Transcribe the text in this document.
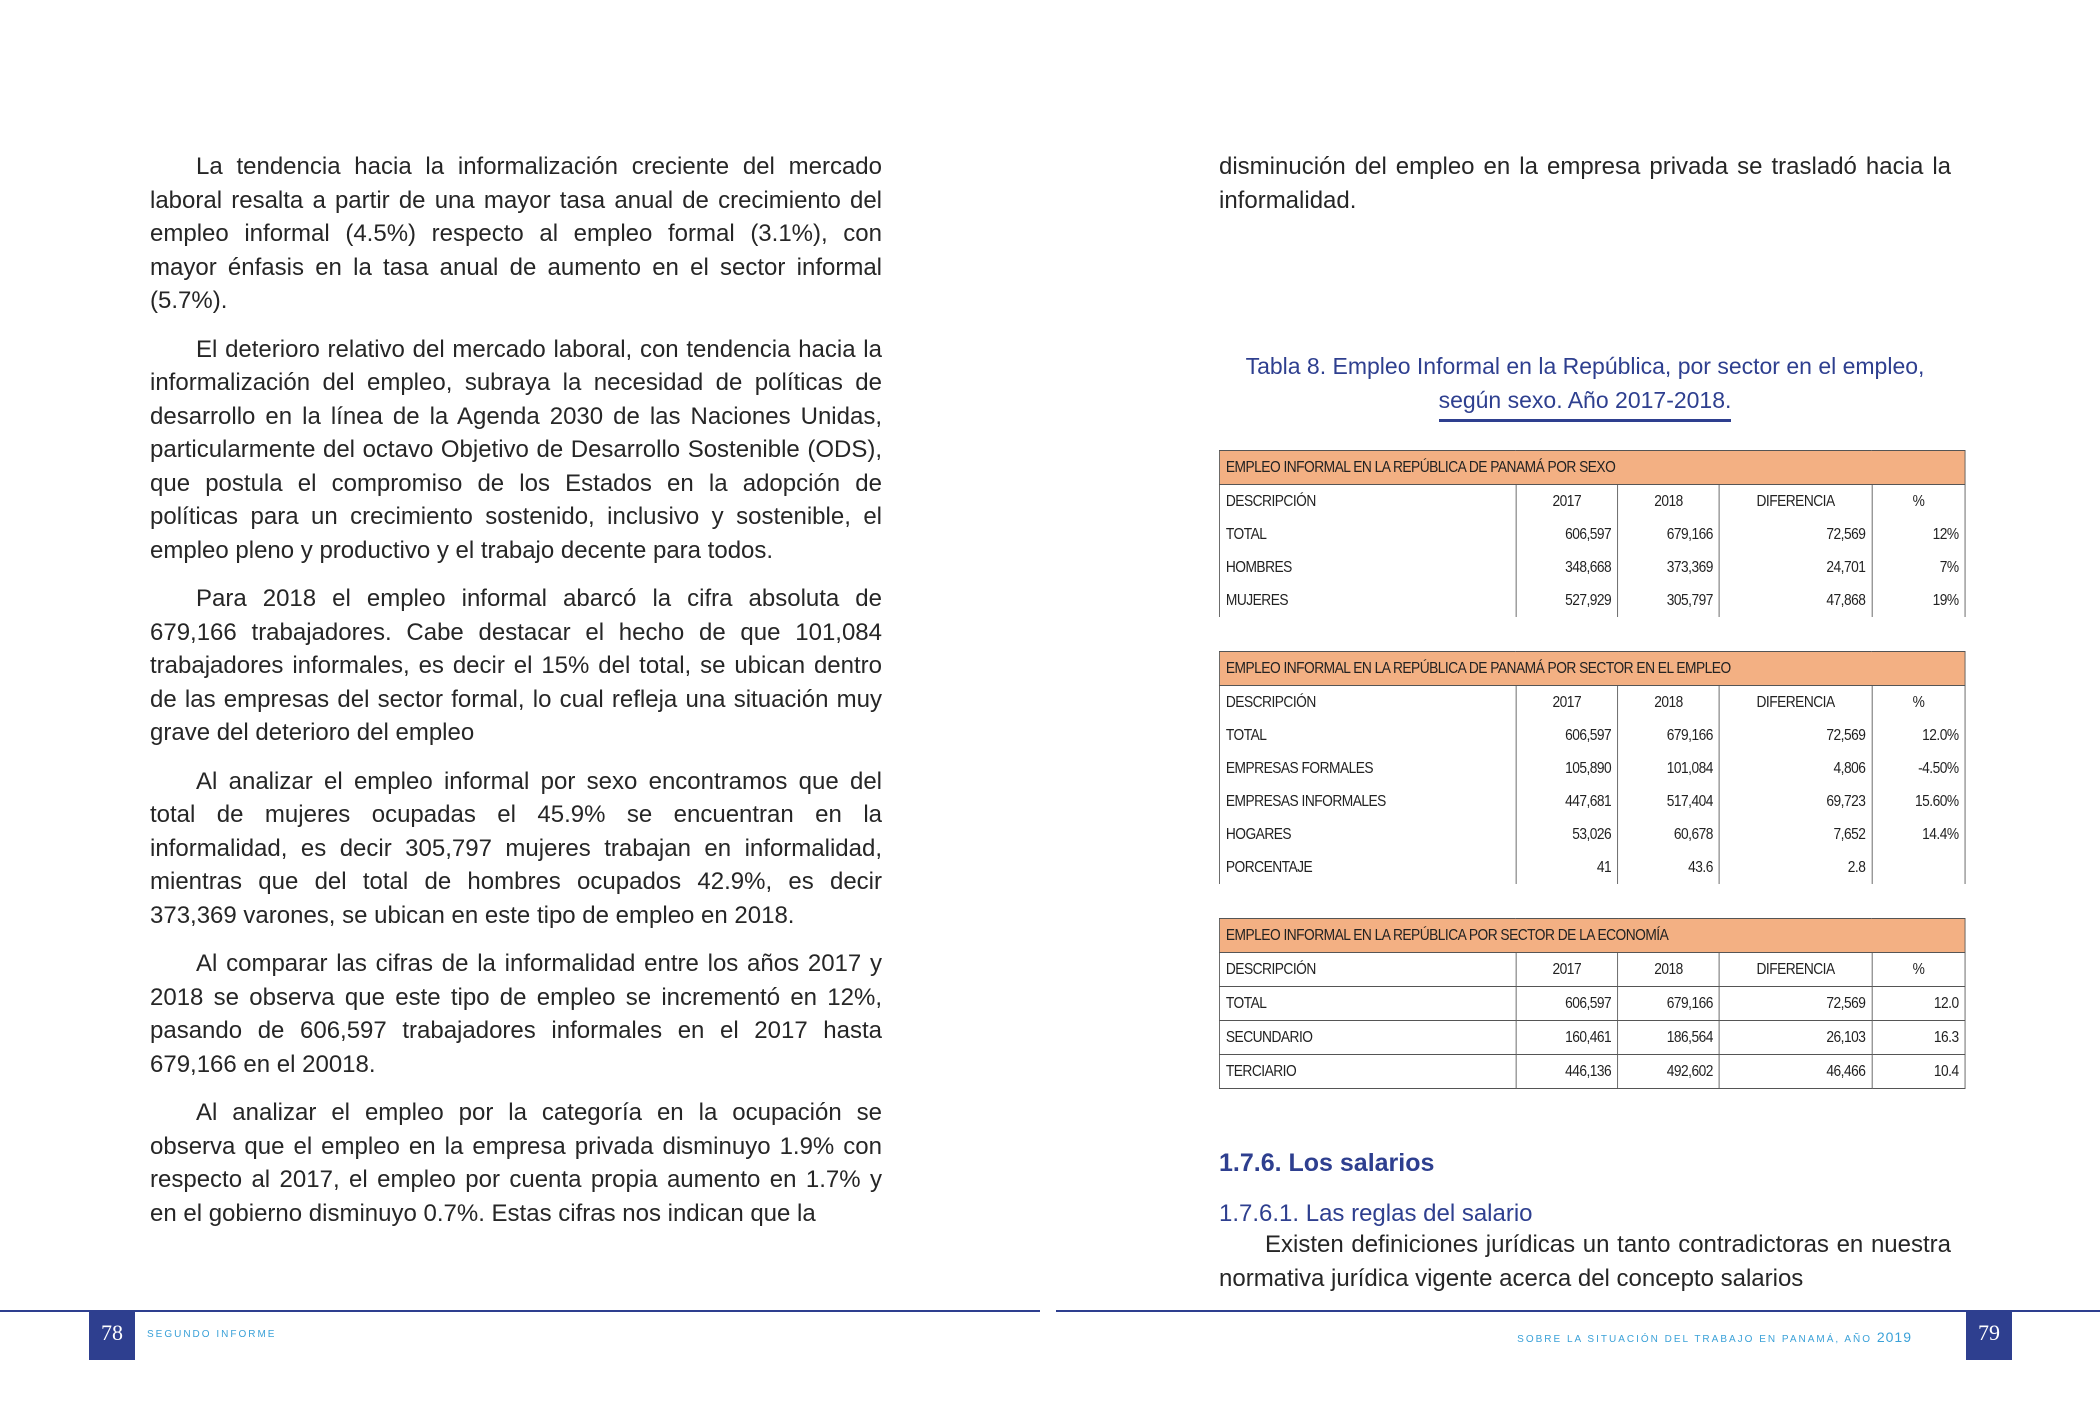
La tendencia hacia la informalización creciente del mercado laboral resalta a partir de una mayor tasa anual de crecimiento del empleo informal (4.5%) respecto al empleo formal (3.1%), con mayor énfasis en la tasa anual de aumento en el sector informal (5.7%).

El deterioro relativo del mercado laboral, con tendencia hacia la informalización del empleo, subraya la necesidad de políticas de desarrollo en la línea de la Agenda 2030 de las Naciones Unidas, particularmente del octavo Objetivo de Desarrollo Sostenible (ODS), que postula el compromiso de los Estados en la adopción de políticas para un crecimiento sostenido, inclusivo y sostenible, el empleo pleno y productivo y el trabajo decente para todos.

Para 2018 el empleo informal abarcó la cifra absoluta de 679,166 trabajadores. Cabe destacar el hecho de que 101,084 trabajadores informales, es decir el 15% del total, se ubican dentro de las empresas del sector formal, lo cual refleja una situación muy grave del deterioro del empleo

Al analizar el empleo informal por sexo encontramos que del total de mujeres ocupadas el 45.9% se encuentran en la informalidad, es decir 305,797 mujeres trabajan en informalidad, mientras que del total de hombres ocupados 42.9%, es decir 373,369 varones, se ubican en este tipo de empleo en 2018.

Al comparar las cifras de la informalidad entre los años 2017 y 2018 se observa que este tipo de empleo se incrementó en 12%, pasando de 606,597 trabajadores informales en el 2017 hasta 679,166 en el 20018.

Al analizar el empleo por la categoría en la ocupación se observa que el empleo en la empresa privada disminuyo 1.9% con respecto al 2017, el empleo por cuenta propia aumento en 1.7% y en el gobierno disminuyo 0.7%. Estas cifras nos indican que la

78	SEGUNDO INFORME

disminución del empleo en la empresa privada se trasladó hacia la informalidad.

Tabla 8. Empleo Informal en la República, por sector en el empleo,
según sexo. Año 2017-2018.
EMPLEO INFORMAL EN LA REPÚBLICA DE PANAMÁ POR SEXO				
DESCRIPCIÓN	2017	2018	DIFERENCIA	%
TOTAL	606,597	679,166	72,569	12%
HOMBRES	348,668	373,369	24,701	7%
MUJERES	527,929	305,797	47,868	19%
EMPLEO INFORMAL EN LA REPÚBLICA DE PANAMÁ POR SECTOR EN EL EMPLEO				
DESCRIPCIÓN	2017	2018	DIFERENCIA	%
TOTAL	606,597	679,166	72,569	12.0%
EMPRESAS FORMALES	105,890	101,084	4,806	-4.50%
EMPRESAS INFORMALES	447,681	517,404	69,723	15.60%
HOGARES	53,026	60,678	7,652	14.4%
PORCENTAJE	41	43.6	2.8	
EMPLEO INFORMAL EN LA REPÚBLICA POR SECTOR DE LA ECONOMÍA				
DESCRIPCIÓN	2017	2018	DIFERENCIA	%
TOTAL	606,597	679,166	72,569	12.0
SECUNDARIO	160,461	186,564	26,103	16.3
TERCIARIO	446,136	492,602	46,466	10.4
1.7.6. Los salarios
1.7.6.1. Las reglas del salario

Existen definiciones jurídicas un tanto contradictoras en nuestra normativa jurídica vigente acerca del concepto salarios

SOBRE LA SITUACIÓN DEL TRABAJO EN PANAMÁ, AÑO 2019	79
